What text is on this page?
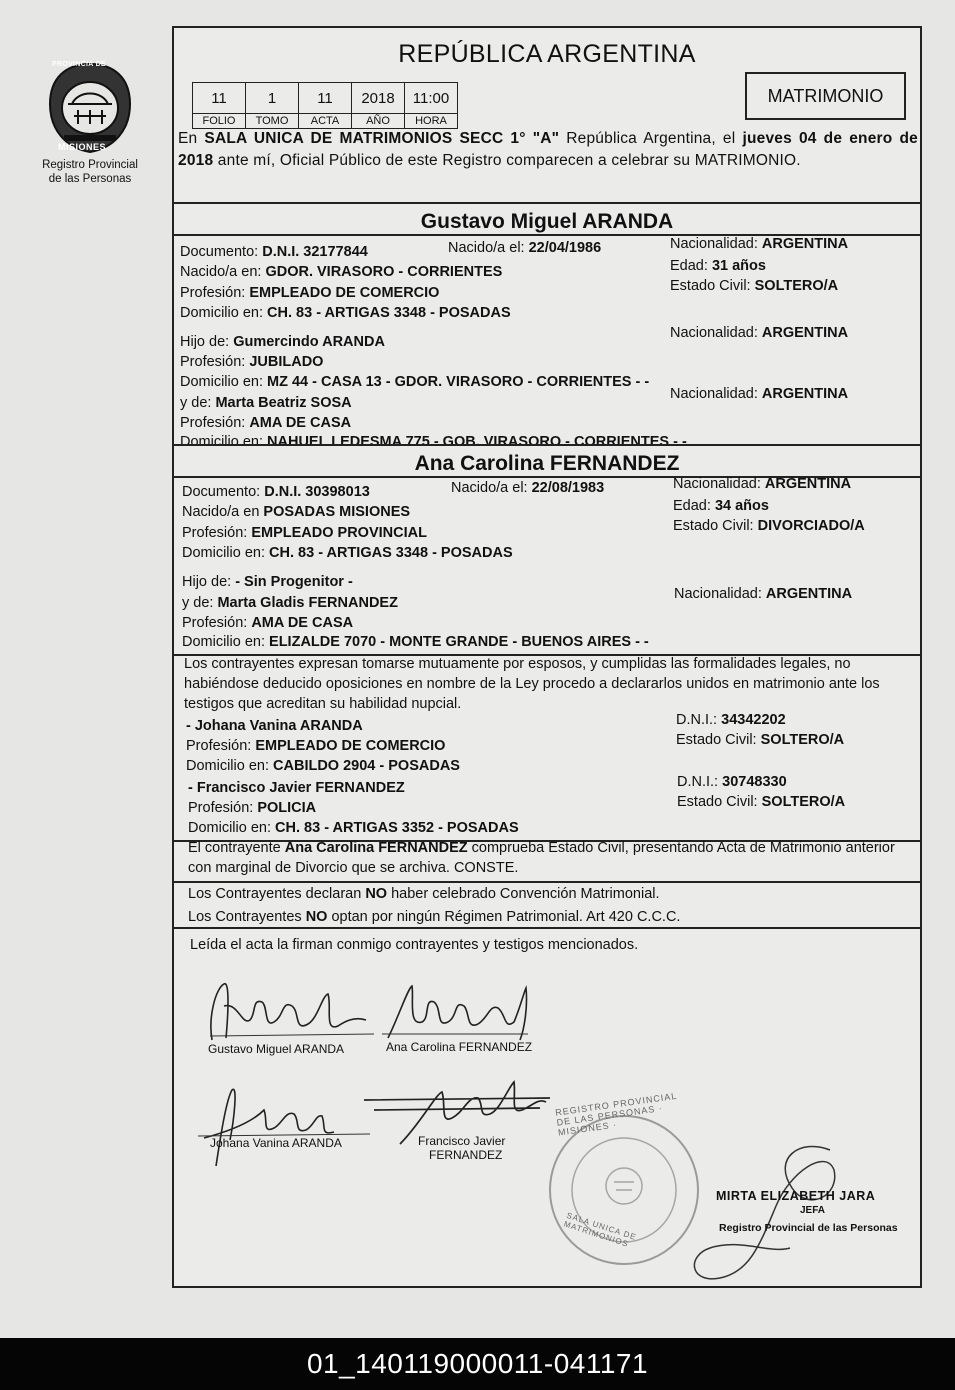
PROVINCIA DE
MISIONES
Registro Provincial
de las Personas
REPÚBLICA ARGENTINA
11	1	11	2018	11:00
FOLIO	TOMO	ACTA	AÑO	HORA
MATRIMONIO
En SALA UNICA DE MATRIMONIOS SECC 1° "A" República Argentina, el jueves 04 de enero de 2018 ante mí, Oficial Público de este Registro comparecen a celebrar su MATRIMONIO.
Gustavo Miguel ARANDA
Documento: D.N.I. 32177844	Nacido/a el: 22/04/1986	Nacionalidad: ARGENTINA
Nacido/a en: GDOR. VIRASORO - CORRIENTES	Edad: 31 años
Profesión: EMPLEADO DE COMERCIO	Estado Civil: SOLTERO/A
Domicilio en: CH. 83 - ARTIGAS 3348 - POSADAS
Hijo de: Gumercindo ARANDA
Nacionalidad: ARGENTINA
Profesión: JUBILADO
Domicilio en: MZ 44 - CASA 13 - GDOR. VIRASORO - CORRIENTES - -
y de: Marta Beatriz SOSA
Nacionalidad: ARGENTINA
Profesión: AMA DE CASA
Domicilio en: NAHUEL LEDESMA 775 - GOB. VIRASORO - CORRIENTES - -
Ana Carolina FERNANDEZ
Documento: D.N.I. 30398013	Nacido/a el: 22/08/1983	Nacionalidad: ARGENTINA
Nacido/a en POSADAS MISIONES	Edad: 34 años
Profesión: EMPLEADO PROVINCIAL	Estado Civil: DIVORCIADO/A
Domicilio en: CH. 83 - ARTIGAS 3348 - POSADAS
Hijo de: - Sin Progenitor -
y de: Marta Gladis FERNANDEZ
Nacionalidad: ARGENTINA
Profesión: AMA DE CASA
Domicilio en: ELIZALDE 7070 - MONTE GRANDE - BUENOS AIRES - -
Los contrayentes expresan tomarse mutuamente por esposos, y cumplidas las formalidades legales, no habiéndose deducido oposiciones en nombre de la Ley procedo a declararlos unidos en matrimonio ante los testigos que acreditan su habilidad nupcial.
- Johana Vanina ARANDA	D.N.I.: 34342202
Profesión: EMPLEADO DE COMERCIO	Estado Civil: SOLTERO/A
Domicilio en: CABILDO 2904 - POSADAS
- Francisco Javier FERNANDEZ	D.N.I.: 30748330
Profesión: POLICIA	Estado Civil: SOLTERO/A
Domicilio en: CH. 83 - ARTIGAS 3352 - POSADAS
El contrayente Ana Carolina FERNANDEZ comprueba Estado Civil, presentando Acta de Matrimonio anterior con marginal de Divorcio que se archiva. CONSTE.
Los Contrayentes declaran NO haber celebrado Convención Matrimonial.
Los Contrayentes NO optan por ningún Régimen Patrimonial. Art 420 C.C.C.
Leída el acta la firman conmigo contrayentes y testigos mencionados.
Gustavo Miguel ARANDA	Ana Carolina FERNANDEZ
Johana Vanina ARANDA	Francisco Javier
FERNANDEZ
REGISTRO PROVINCIAL DE LAS PERSONAS · MISIONES ·
SALA UNICA DE MATRIMONIOS
MIRTA ELIZABETH JARA
JEFA
Registro Provincial de las Personas
01_140119000011-041171
